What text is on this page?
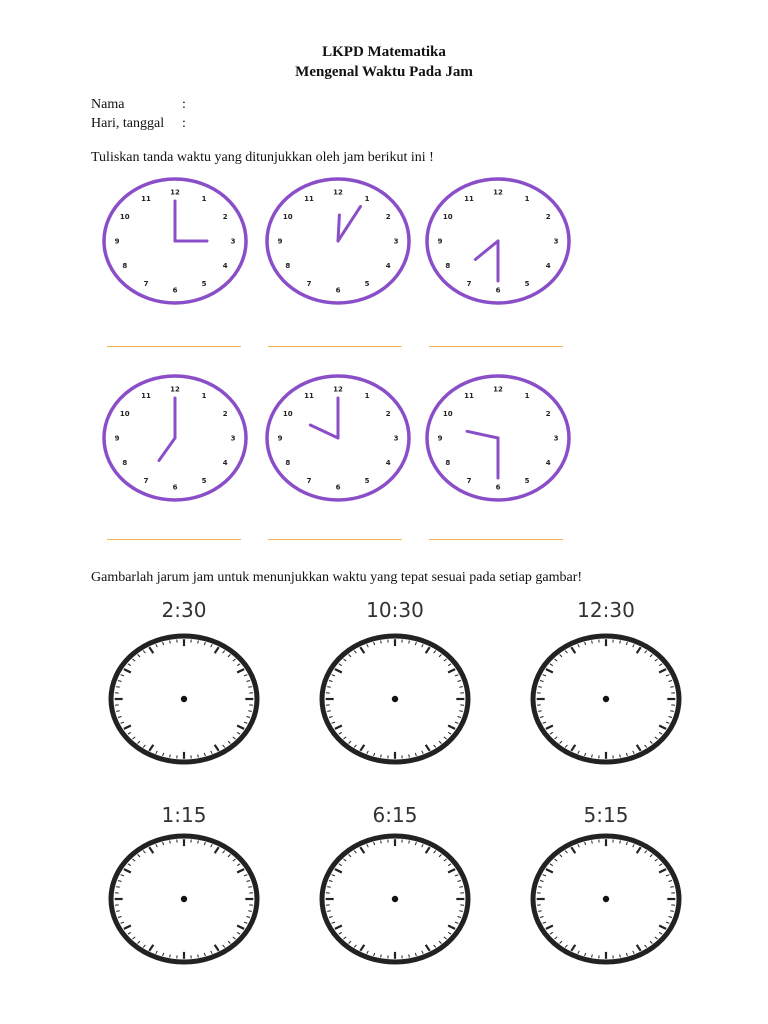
LKPD Matematika
Mengenal Waktu Pada Jam
Nama	:
Hari, tanggal :
Tuliskan tanda waktu yang ditunjukkan oleh jam berikut ini !
12
1
2
3
4
5
6
7
8
9
10
11
12
1
2
3
4
5
6
7
8
9
10
11
12
1
2
3
4
5
6
7
8
9
10
11
12
1
2
3
4
5
6
7
8
9
10
11
12
1
2
3
4
5
6
7
8
9
10
11
12
1
2
3
4
5
6
7
8
9
10
11
Gambarlah jarum jam untuk menunjukkan waktu yang tepat sesuai pada setiap gambar!
2:30	10:30	12:30
1:15	6:15	5:15
